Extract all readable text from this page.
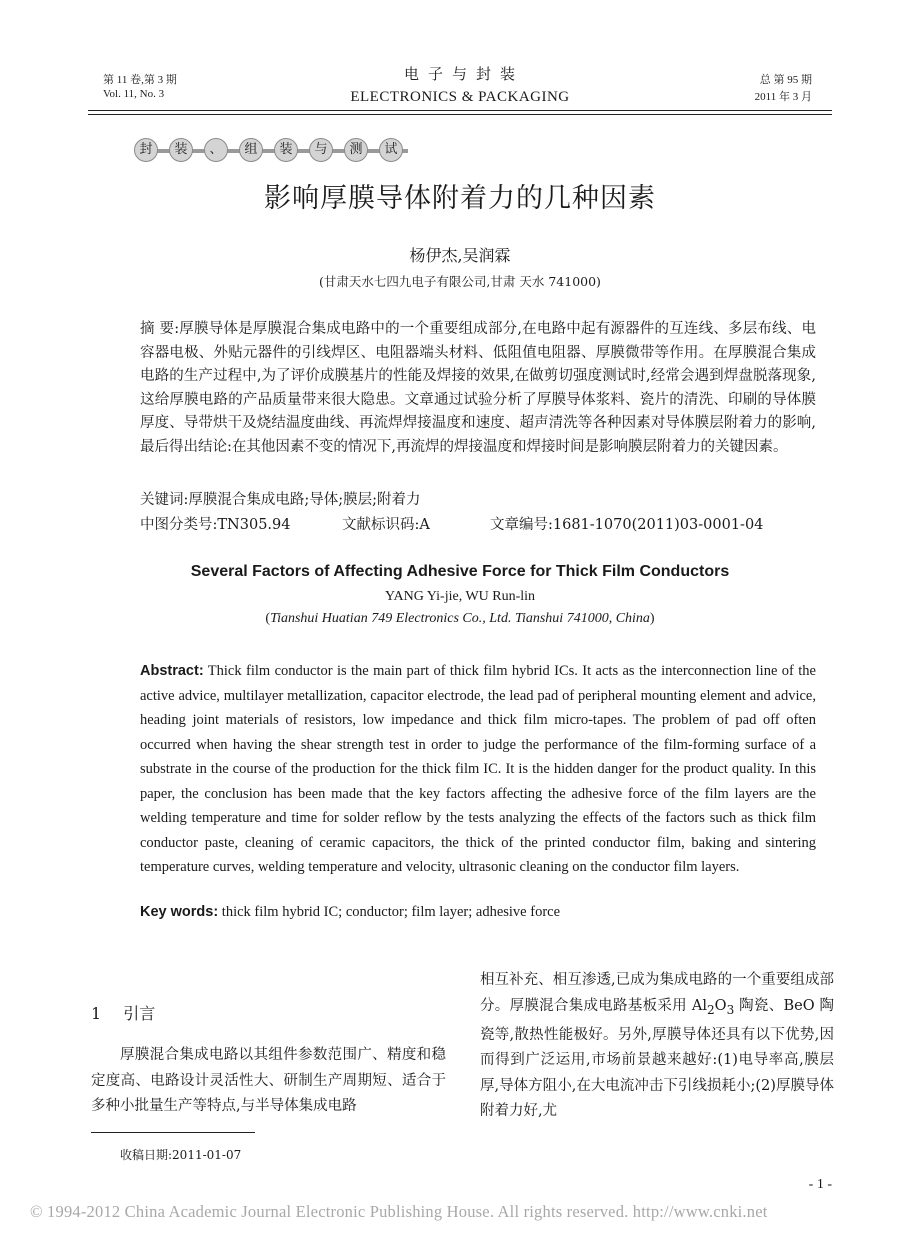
第 11 卷,第 3 期
Vol. 11, No. 3
电子与封装
ELECTRONICS & PACKAGING
总 第 95 期
2011 年 3 月
封	装	、	组	装	与	测	试
影响厚膜导体附着力的几种因素
杨伊杰,吴润霖
(甘肃天水七四九电子有限公司,甘肃 天水 741000)
摘 要:厚膜导体是厚膜混合集成电路中的一个重要组成部分,在电路中起有源器件的互连线、多层布线、电容器电极、外贴元器件的引线焊区、电阻器端头材料、低阻值电阻器、厚膜微带等作用。在厚膜混合集成电路的生产过程中,为了评价成膜基片的性能及焊接的效果,在做剪切强度测试时,经常会遇到焊盘脱落现象,这给厚膜电路的产品质量带来很大隐患。文章通过试验分析了厚膜导体浆料、瓷片的清洗、印刷的导体膜厚度、导带烘干及烧结温度曲线、再流焊焊接温度和速度、超声清洗等各种因素对导体膜层附着力的影响,最后得出结论:在其他因素不变的情况下,再流焊的焊接温度和焊接时间是影响膜层附着力的关键因素。
关键词:厚膜混合集成电路;导体;膜层;附着力
中图分类号:TN305.94	文献标识码:A	文章编号:1681-1070(2011)03-0001-04
Several Factors of Affecting Adhesive Force for Thick Film Conductors
YANG Yi-jie, WU Run-lin
(Tianshui Huatian 749 Electronics Co., Ltd. Tianshui 741000, China)
Abstract: Thick film conductor is the main part of thick film hybrid ICs. It acts as the interconnection line of the active advice, multilayer metallization, capacitor electrode, the lead pad of peripheral mounting element and advice, heading joint materials of resistors, low impedance and thick film micro-tapes. The problem of pad off often occurred when having the shear strength test in order to judge the performance of the film-forming surface of a substrate in the course of the production for the thick film IC. It is the hidden danger for the product quality. In this paper, the conclusion has been made that the key factors affecting the adhesive force of the film layers are the welding temperature and time for solder reflow by the tests analyzing the effects of the factors such as thick film conductor paste, cleaning of ceramic capacitors, the thick of the printed conductor film, baking and sintering temperature curves, welding temperature and velocity, ultrasonic cleaning on the conductor film layers.
Key words: thick film hybrid IC; conductor; film layer; adhesive force
1 引言
厚膜混合集成电路以其组件参数范围广、精度和稳定度高、电路设计灵活性大、研制生产周期短、适合于多种小批量生产等特点,与半导体集成电路
相互补充、相互渗透,已成为集成电路的一个重要组成部分。厚膜混合集成电路基板采用 $Al_2O_3$ 陶瓷、BeO 陶瓷等,散热性能极好。另外,厚膜导体还具有以下优势,因而得到广泛运用,市场前景越来越好:(1)电导率高,膜层厚,导体方阻小,在大电流冲击下引线损耗小;(2)厚膜导体附着力好,尤
收稿日期:2011-01-07
- 1 -
© 1994-2012 China Academic Journal Electronic Publishing House. All rights reserved. http://www.cnki.net
